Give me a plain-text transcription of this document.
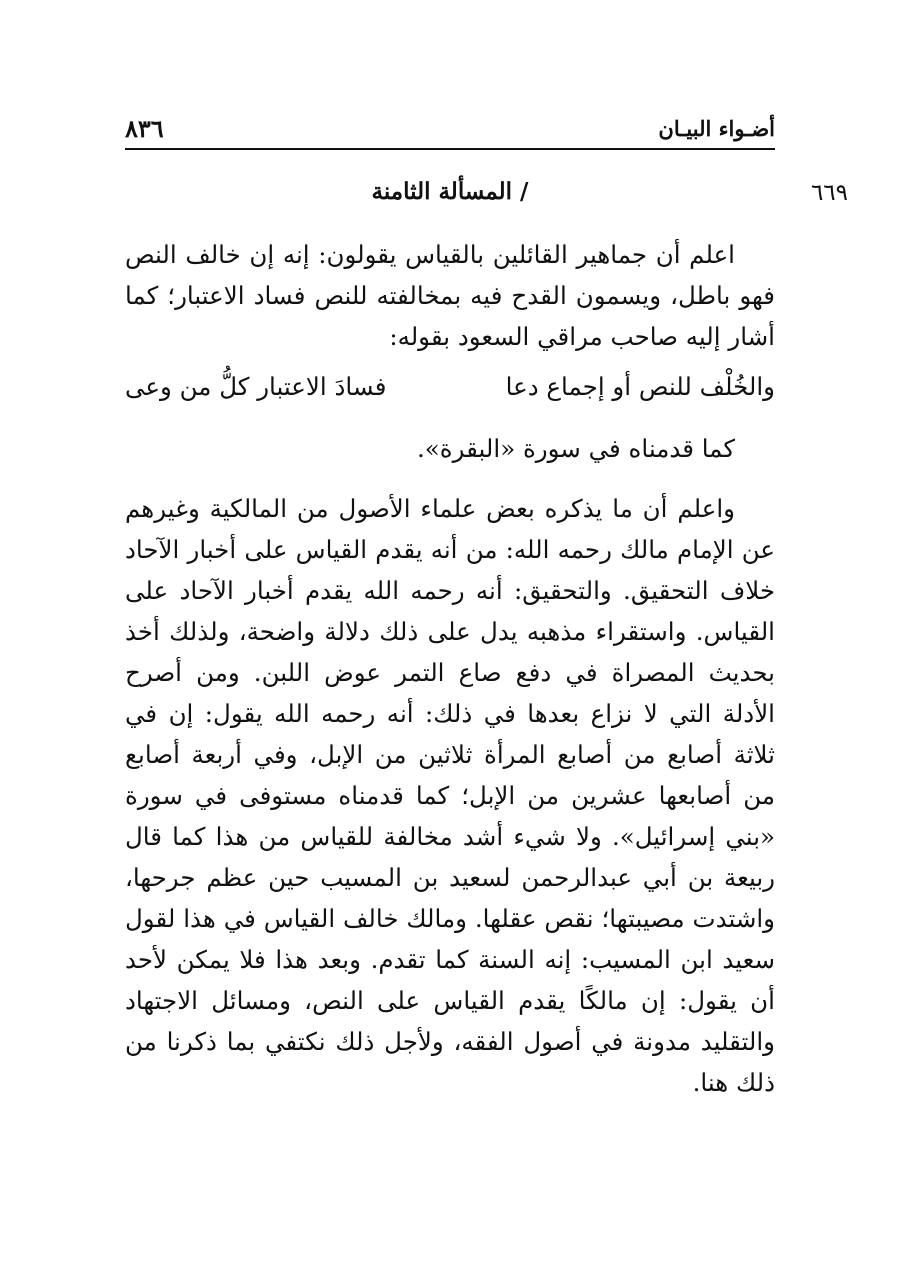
أضـواء البيـان
٨٣٦
٦٦٩
/ المسألة الثامنة
اعلم أن جماهير القائلين بالقياس يقولون: إنه إن خالف النص فهو باطل، ويسمون القدح فيه بمخالفته للنص فساد الاعتبار؛ كما أشار إليه صاحب مراقي السعود بقوله:
والخُلْف للنص أو إجماع دعا
فسادَ الاعتبار كلُّ من وعى
كما قدمناه في سورة «البقرة».
واعلم أن ما يذكره بعض علماء الأصول من المالكية وغيرهم عن الإمام مالك رحمه الله: من أنه يقدم القياس على أخبار الآحاد خلاف التحقيق. والتحقيق: أنه رحمه الله يقدم أخبار الآحاد على القياس. واستقراء مذهبه يدل على ذلك دلالة واضحة، ولذلك أخذ بحديث المصراة في دفع صاع التمر عوض اللبن. ومن أصرح الأدلة التي لا نزاع بعدها في ذلك: أنه رحمه الله يقول: إن في ثلاثة أصابع من أصابع المرأة ثلاثين من الإبل، وفي أربعة أصابع من أصابعها عشرين من الإبل؛ كما قدمناه مستوفى في سورة «بني إسرائيل». ولا شيء أشد مخالفة للقياس من هذا كما قال ربيعة بن أبي عبدالرحمن لسعيد بن المسيب حين عظم جرحها، واشتدت مصيبتها؛ نقص عقلها. ومالك خالف القياس في هذا لقول سعيد ابن المسيب: إنه السنة كما تقدم. وبعد هذا فلا يمكن لأحد أن يقول: إن مالكًا يقدم القياس على النص، ومسائل الاجتهاد والتقليد مدونة في أصول الفقه، ولأجل ذلك نكتفي بما ذكرنا من ذلك هنا.
